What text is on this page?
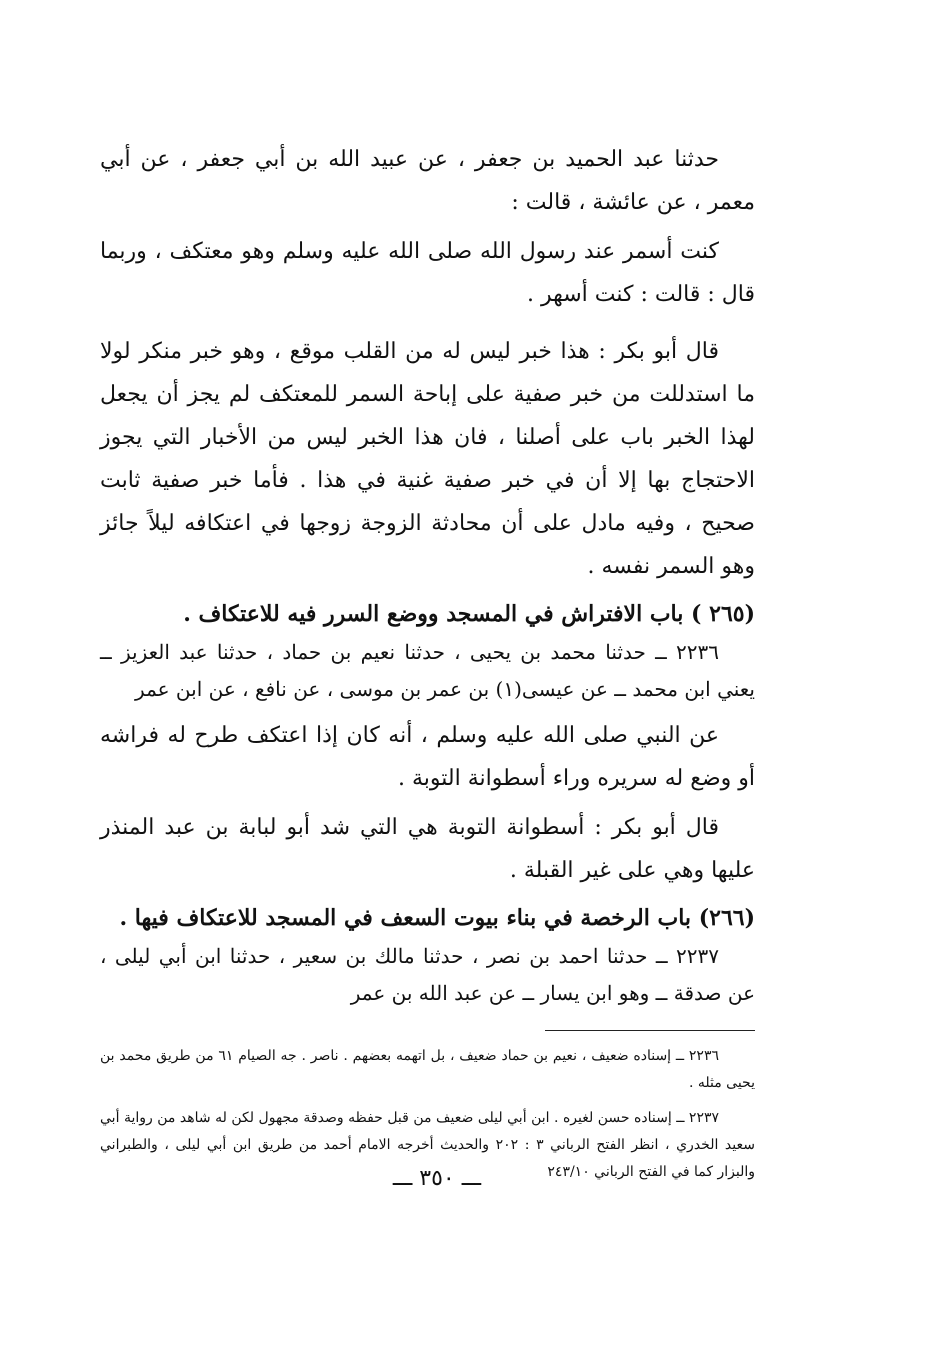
حدثنا عبد الحميد بن جعفر ، عن عبيد الله بن أبي جعفر ، عن أبي معمر ، عن عائشة ، قالت :

كنت أسمر عند رسول الله صلى الله عليه وسلم وهو معتكف ، وربما قال : قالت : كنت أسهر .

قال أبو بكر : هذا خبر ليس له من القلب موقع ، وهو خبر منكر لولا ما استدللت من خبر صفية على إباحة السمر للمعتكف لم يجز أن يجعل لهذا الخبر باب على أصلنا ، فان هذا الخبر ليس من الأخبار التي يجوز الاحتجاج بها إلا أن في خبر صفية غنية في هذا . فأما خبر صفية ثابت صحيح ، وفيه مادل على أن محادثة الزوجة زوجها في اعتكافه ليلاً جائز وهو السمر نفسه .

(٢٦٥ ) باب الافتراش في المسجد ووضع السرر فيه للاعتكاف .

٢٢٣٦ ــ حدثنا محمد بن يحيى ، حدثنا نعيم بن حماد ، حدثنا عبد العزيز ــ يعني ابن محمد ــ عن عيسى(١) بن عمر بن موسى ، عن نافع ، عن ابن عمر

عن النبي صلى الله عليه وسلم ، أنه كان إذا اعتكف طرح له فراشه أو وضع له سريره وراء أسطوانة التوبة .

قال أبو بكر : أسطوانة التوبة هي التي شد أبو لبابة بن عبد المنذر عليها وهي على غير القبلة .

(٢٦٦) باب الرخصة في بناء بيوت السعف في المسجد للاعتكاف فيها .

٢٢٣٧ ــ حدثنا احمد بن نصر ، حدثنا مالك بن سعير ، حدثنا ابن أبي ليلى ، عن صدقة ــ وهو ابن يسار ــ عن عبد الله بن عمر

٢٢٣٦ ــ إسناده ضعيف ، نعيم بن حماد ضعيف ، بل اتهمه بعضهم . ناصر . جه الصيام ٦١ من طريق محمد بن يحيى مثله .

٢٢٣٧ ــ إسناده حسن لغيره . ابن أبي ليلى ضعيف من قبل حفظه وصدقة مجهول لكن له شاهد من رواية أبي سعيد الخدري ، انظر الفتح الرباني ٣ : ٢٠٢ والحديث أخرجه الامام أحمد من طريق ابن أبي ليلى ، والطبراني والبزار كما في الفتح الرباني ٢٤٣/١٠

ـــ ٣٥٠ ـــ
